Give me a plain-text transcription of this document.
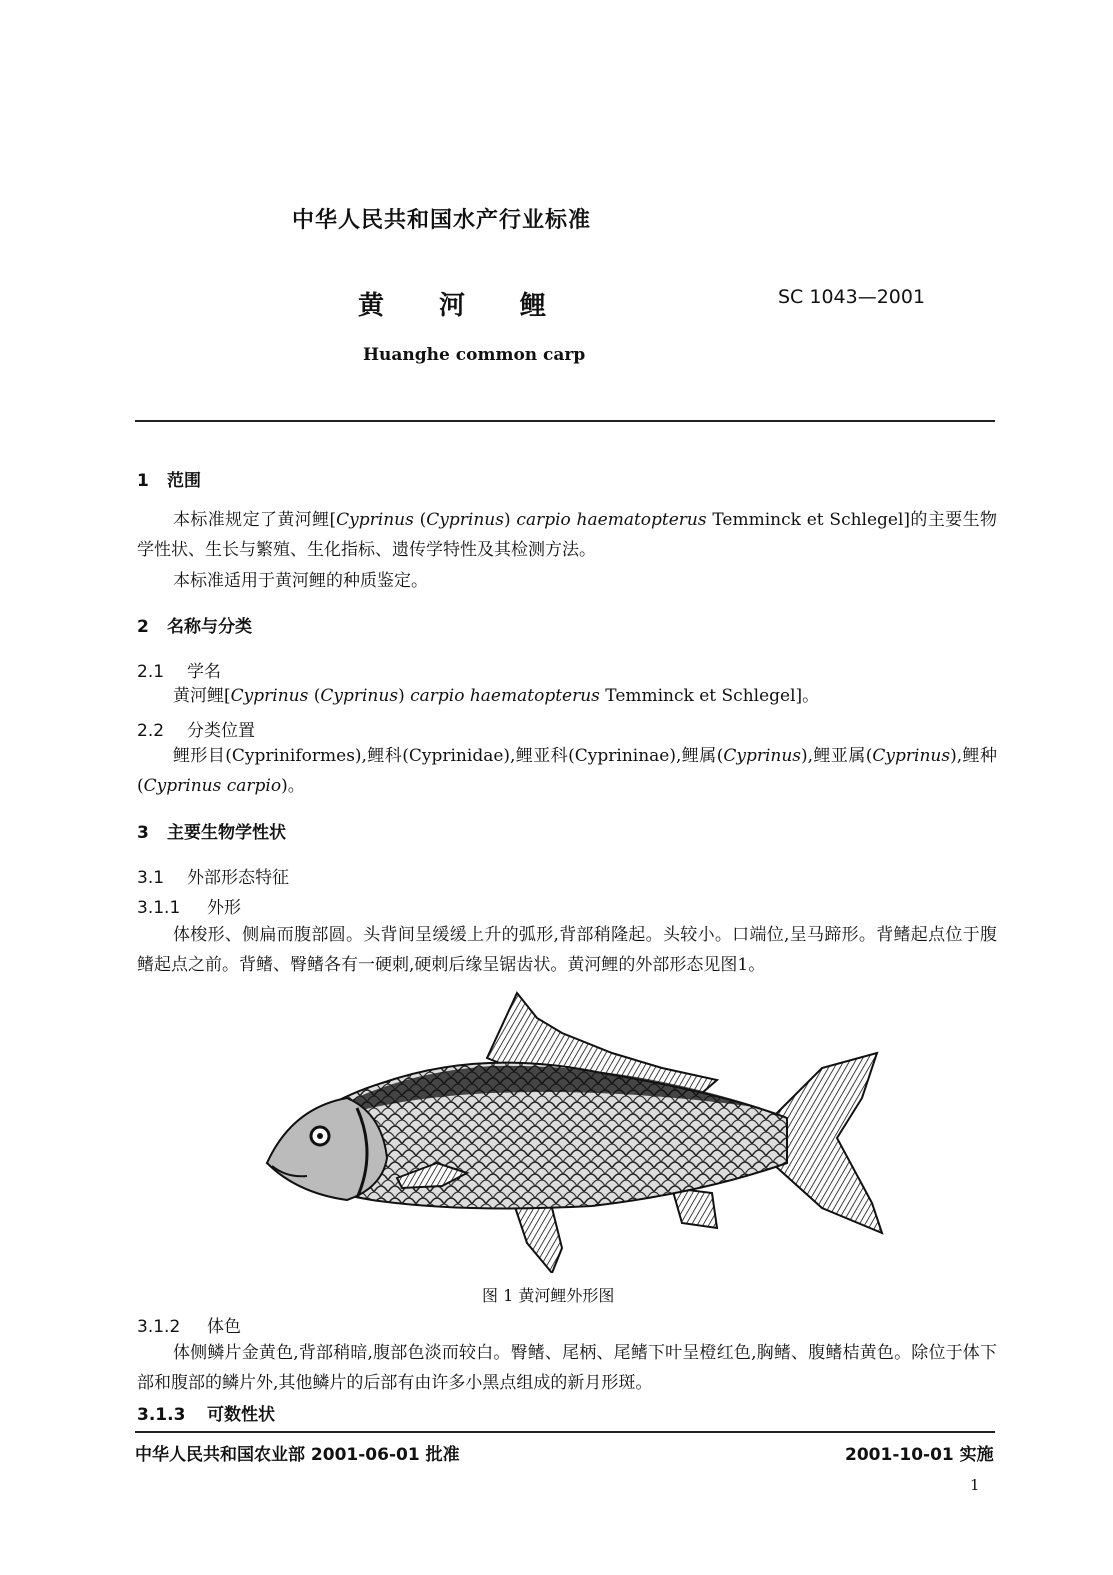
中华人民共和国水产行业标准
黄河鲤	SC 1043—2001
Huanghe common carp
1 范围
本标准规定了黄河鲤[Cyprinus (Cyprinus) carpio haematopterus Temminck et Schlegel]的主要生物学性状、生长与繁殖、生化指标、遗传学特性及其检测方法。
本标准适用于黄河鲤的种质鉴定。
2 名称与分类
2.1 学名
黄河鲤[Cyprinus (Cyprinus) carpio haematopterus Temminck et Schlegel]。
2.2 分类位置
鲤形目(Cypriniformes),鲤科(Cyprinidae),鲤亚科(Cyprininae),鲤属(Cyprinus),鲤亚属(Cyprinus),鲤种(Cyprinus carpio)。
3 主要生物学性状
3.1 外部形态特征
3.1.1 外形
体梭形、侧扁而腹部圆。头背间呈缓缓上升的弧形,背部稍隆起。头较小。口端位,呈马蹄形。背鳍起点位于腹鳍起点之前。背鳍、臀鳍各有一硬刺,硬刺后缘呈锯齿状。黄河鲤的外部形态见图1。
图 1 黄河鲤外形图
3.1.2 体色
体侧鳞片金黄色,背部稍暗,腹部色淡而较白。臀鳍、尾柄、尾鳍下叶呈橙红色,胸鳍、腹鳍桔黄色。除位于体下部和腹部的鳞片外,其他鳞片的后部有由许多小黑点组成的新月形斑。
3.1.3 可数性状
中华人民共和国农业部 2001-06-01 批准	2001-10-01 实施
1
